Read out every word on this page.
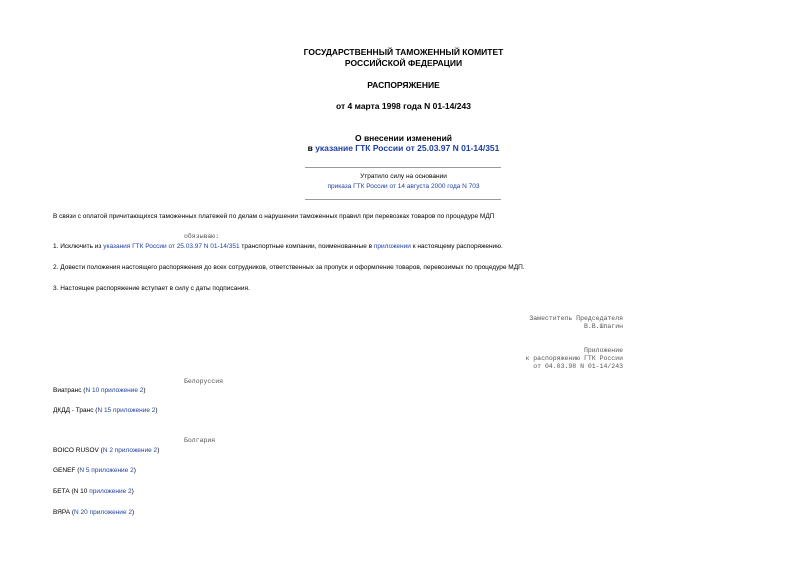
ГОСУДАРСТВЕННЫЙ ТАМОЖЕННЫЙ КОМИТЕТ
РОССИЙСКОЙ ФЕДЕРАЦИИ
РАСПОРЯЖЕНИЕ
от 4 марта 1998 года N 01-14/243
О внесении изменений
в указание ГТК России от 25.03.97 N 01-14/351
Утратило силу на основании
приказа ГТК России от 14 августа 2000 года N 703
В связи с оплатой причитающихся таможенных платежей по делам о нарушении таможенных правил при перевозках товаров по процедуре МДП
обязываю:
1. Исключить из указания ГТК России от 25.03.97 N 01-14/351 транспортные компании, поименованные в приложении к настоящему распоряжению.
2. Довести положения настоящего распоряжения до всех сотрудников, ответственных за пропуск и оформление товаров, перевозимых по процедуре МДП.
3. Настоящее распоряжение вступает в силу с даты подписания.
Заместитель Председателя
В.В.Шпагин
Приложение
к распоряжению ГТК России
от 04.03.98 N 01-14/243
Белоруссия
Виатранс (N 10 приложение 2)
ДКДД - Транс (N 15 приложение 2)
Болгария
BOICO RUSOV (N 2 приложение 2)
GENEF (N 5 приложение 2)
БЕТА (N 10 приложение 2)
ВЯРА (N 20 приложение 2)
